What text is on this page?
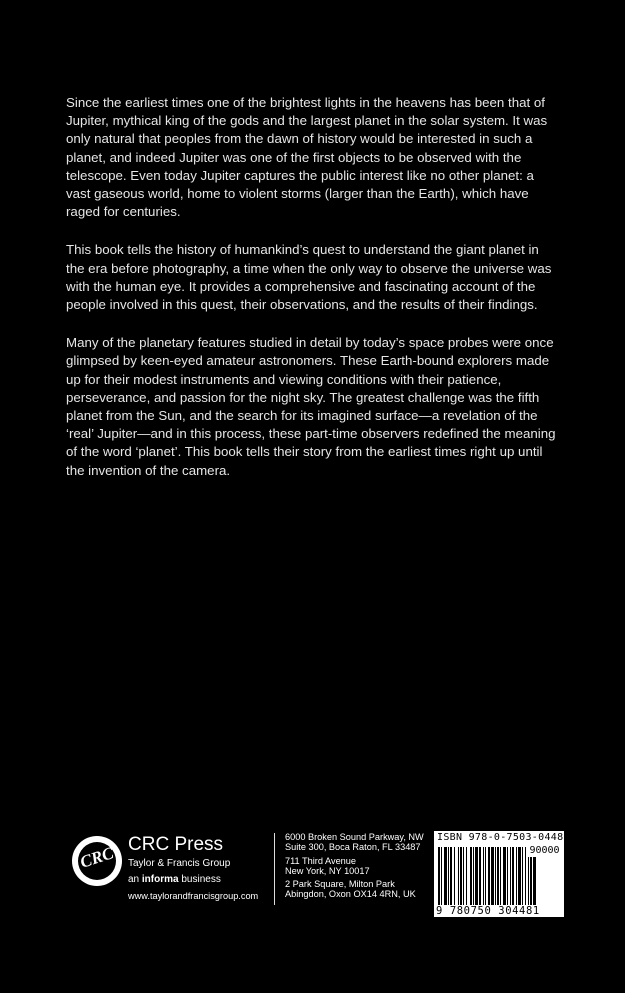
Since the earliest times one of the brightest lights in the heavens has been that of Jupiter, mythical king of the gods and the largest planet in the solar system. It was only natural that peoples from the dawn of history would be interested in such a planet, and indeed Jupiter was one of the first objects to be observed with the telescope. Even today Jupiter captures the public interest like no other planet: a vast gaseous world, home to violent storms (larger than the Earth), which have raged for centuries.

This book tells the history of humankind’s quest to understand the giant planet in the era before photography, a time when the only way to observe the universe was with the human eye. It provides a comprehensive and fascinating account of the people involved in this quest, their observations, and the results of their findings.

Many of the planetary features studied in detail by today’s space probes were once glimpsed by keen-eyed amateur astronomers. These Earth-bound explorers made up for their modest instruments and viewing conditions with their patience, perseverance, and passion for the night sky. The greatest challenge was the fifth planet from the Sun, and the search for its imagined surface—a revelation of the ‘real’ Jupiter—and in this process, these part-time observers redefined the meaning of the word ‘planet’. This book tells their story from the earliest times right up until the invention of the camera.

CRC CRC Press
Taylor & Francis Group
an informa business
www.taylorandfrancisgroup.com
6000 Broken Sound Parkway, NW
Suite 300, Boca Raton, FL 33487
711 Third Avenue
New York, NY 10017
2 Park Square, Milton Park
Abingdon, Oxon OX14 4RN, UK
ISBN 978-0-7503-0448-1
90000
9 780750 304481
